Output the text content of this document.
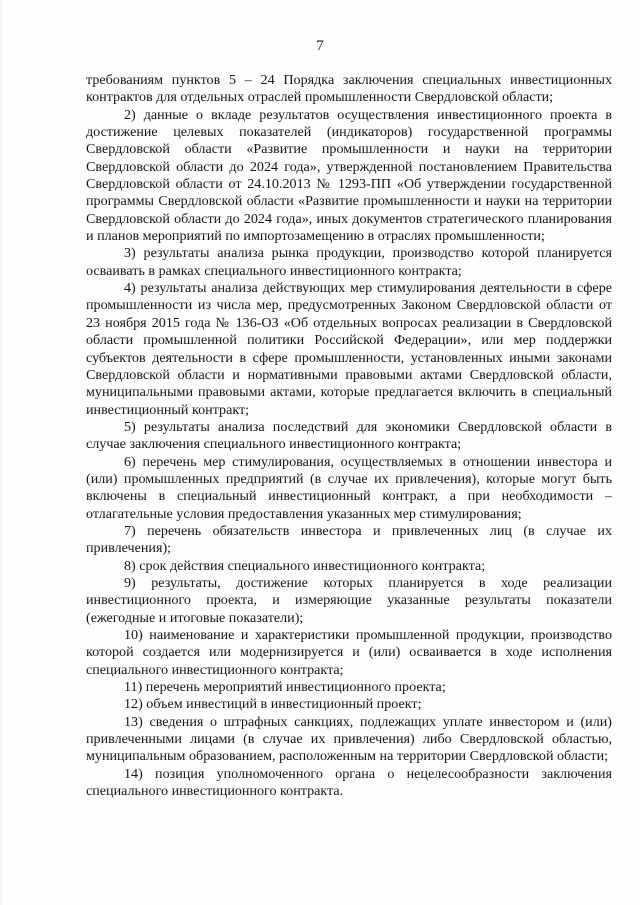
7

требованиям пунктов 5 – 24 Порядка заключения специальных инвестиционных контрактов для отдельных отраслей промышленности Свердловской области;

2) данные о вкладе результатов осуществления инвестиционного проекта в достижение целевых показателей (индикаторов) государственной программы Свердловской области «Развитие промышленности и науки на территории Свердловской области до 2024 года», утвержденной постановлением Правительства Свердловской области от 24.10.2013 № 1293-ПП «Об утверждении государственной программы Свердловской области «Развитие промышленности и науки на территории Свердловской области до 2024 года», иных документов стратегического планирования и планов мероприятий по импортозамещению в отраслях промышленности;

3) результаты анализа рынка продукции, производство которой планируется осваивать в рамках специального инвестиционного контракта;

4) результаты анализа действующих мер стимулирования деятельности в сфере промышленности из числа мер, предусмотренных Законом Свердловской области от 23 ноября 2015 года № 136-ОЗ «Об отдельных вопросах реализации в Свердловской области промышленной политики Российской Федерации», или мер поддержки субъектов деятельности в сфере промышленности, установленных иными законами Свердловской области и нормативными правовыми актами Свердловской области, муниципальными правовыми актами, которые предлагается включить в специальный инвестиционный контракт;

5) результаты анализа последствий для экономики Свердловской области в случае заключения специального инвестиционного контракта;

6) перечень мер стимулирования, осуществляемых в отношении инвестора и (или) промышленных предприятий (в случае их привлечения), которые могут быть включены в специальный инвестиционный контракт, а при необходимости – отлагательные условия предоставления указанных мер стимулирования;

7) перечень обязательств инвестора и привлеченных лиц (в случае их привлечения);

8) срок действия специального инвестиционного контракта;

9) результаты, достижение которых планируется в ходе реализации инвестиционного проекта, и измеряющие указанные результаты показатели (ежегодные и итоговые показатели);

10) наименование и характеристики промышленной продукции, производство которой создается или модернизируется и (или) осваивается в ходе исполнения специального инвестиционного контракта;

11) перечень мероприятий инвестиционного проекта;

12) объем инвестиций в инвестиционный проект;

13) сведения о штрафных санкциях, подлежащих уплате инвестором и (или) привлеченными лицами (в случае их привлечения) либо Свердловской областью, муниципальным образованием, расположенным на территории Свердловской области;

14) позиция уполномоченного органа о нецелесообразности заключения специального инвестиционного контракта.
